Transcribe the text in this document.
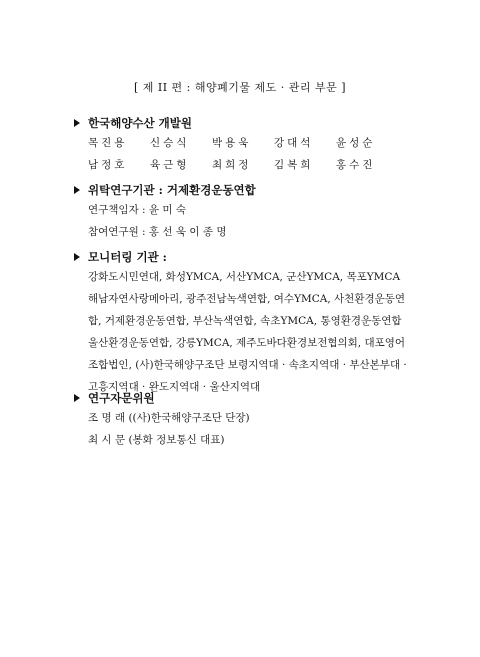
[ 제 II 편 : 해양폐기물 제도 · 관리 부문 ]
한국해양수산 개발원
목진용	신승식	박용욱	강대석	윤성순
남정호	육근형	최희정	김복희	홍수진
위탁연구기관 : 거제환경운동연합
연구책임자 : 윤 미 숙
참여연구원 : 홍 선 욱 이 종 명
모니터링 기관 :
강화도시민연대, 화성YMCA, 서산YMCA, 군산YMCA, 목포YMCA
해남자연사랑메아리, 광주전남녹색연합, 여수YMCA, 사천환경운동연
합, 거제환경운동연합, 부산녹색연합, 속초YMCA, 통영환경운동연합
울산환경운동연합, 강릉YMCA, 제주도바다환경보전협의회, 대포영어
조합법인, (사)한국해양구조단 보령지역대 · 속초지역대 · 부산본부대 ·
고흥지역대 · 완도지역대 · 울산지역대
연구자문위원
조 명 래 ((사)한국해양구조단 단장)
최 시 문 (봉화 정보통신 대표)
